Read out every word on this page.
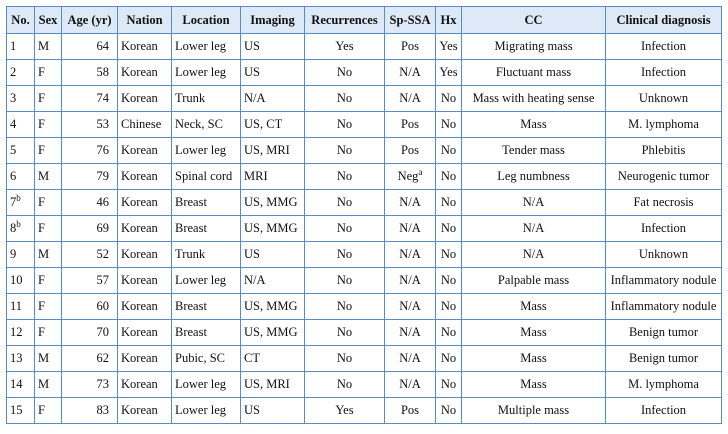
No.	Sex	Age (yr)	Nation	Location	Imaging	Recurrences	Sp-SSA	Hx	CC	Clinical diagnosis
1	M	64	Korean	Lower leg	US	Yes	Pos	Yes	Migrating mass	Infection
2	F	58	Korean	Lower leg	US	No	N/A	Yes	Fluctuant mass	Infection
3	F	74	Korean	Trunk	N/A	No	N/A	No	Mass with heating sense	Unknown
4	F	53	Chinese	Neck, SC	US, CT	No	Pos	No	Mass	M. lymphoma
5	F	76	Korean	Lower leg	US, MRI	No	Pos	No	Tender mass	Phlebitis
6	M	79	Korean	Spinal cord	MRI	No	Neg$^a$	No	Leg numbness	Neurogenic tumor
7$^b$	F	46	Korean	Breast	US, MMG	No	N/A	No	N/A	Fat necrosis
8$^b$	F	69	Korean	Breast	US, MMG	No	N/A	No	N/A	Infection
9	M	52	Korean	Trunk	US	No	N/A	No	N/A	Unknown
10	F	57	Korean	Lower leg	N/A	No	N/A	No	Palpable mass	Inflammatory nodule
11	F	60	Korean	Breast	US, MMG	No	N/A	No	Mass	Inflammatory nodule
12	F	70	Korean	Breast	US, MMG	No	N/A	No	Mass	Benign tumor
13	M	62	Korean	Pubic, SC	CT	No	N/A	No	Mass	Benign tumor
14	M	73	Korean	Lower leg	US, MRI	No	N/A	No	Mass	M. lymphoma
15	F	83	Korean	Lower leg	US	Yes	Pos	No	Multiple mass	Infection
